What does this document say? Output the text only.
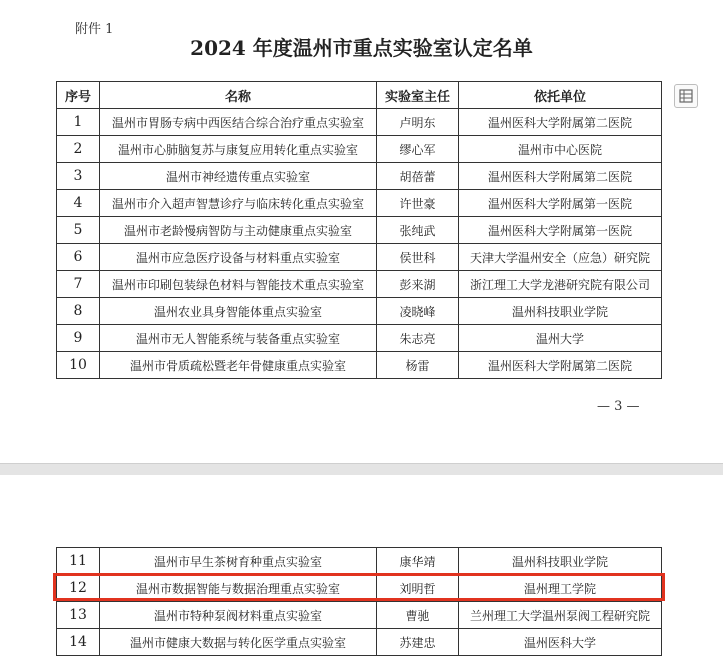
附件 1
2024 年度温州市重点实验室认定名单
序号	名称	实验室主任	依托单位
1	温州市胃肠专病中西医结合综合治疗重点实验室	卢明东	温州医科大学附属第二医院
2	温州市心肺脑复苏与康复应用转化重点实验室	缪心军	温州市中心医院
3	温州市神经遗传重点实验室	胡蓓蕾	温州医科大学附属第二医院
4	温州市介入超声智慧诊疗与临床转化重点实验室	许世豪	温州医科大学附属第一医院
5	温州市老龄慢病智防与主动健康重点实验室	张纯武	温州医科大学附属第一医院
6	温州市应急医疗设备与材料重点实验室	侯世科	天津大学温州安全（应急）研究院
7	温州市印刷包装绿色材料与智能技术重点实验室	彭来湖	浙江理工大学龙港研究院有限公司
8	温州农业具身智能体重点实验室	凌晓峰	温州科技职业学院
9	温州市无人智能系统与装备重点实验室	朱志亮	温州大学
10	温州市骨质疏松暨老年骨健康重点实验室	杨雷	温州医科大学附属第二医院
— 3 —
11	温州市早生茶树育种重点实验室	康华靖	温州科技职业学院
12	温州市数据智能与数据治理重点实验室	刘明哲	温州理工学院
13	温州市特种泵阀材料重点实验室	曹驰	兰州理工大学温州泵阀工程研究院
14	温州市健康大数据与转化医学重点实验室	苏建忠	温州医科大学
